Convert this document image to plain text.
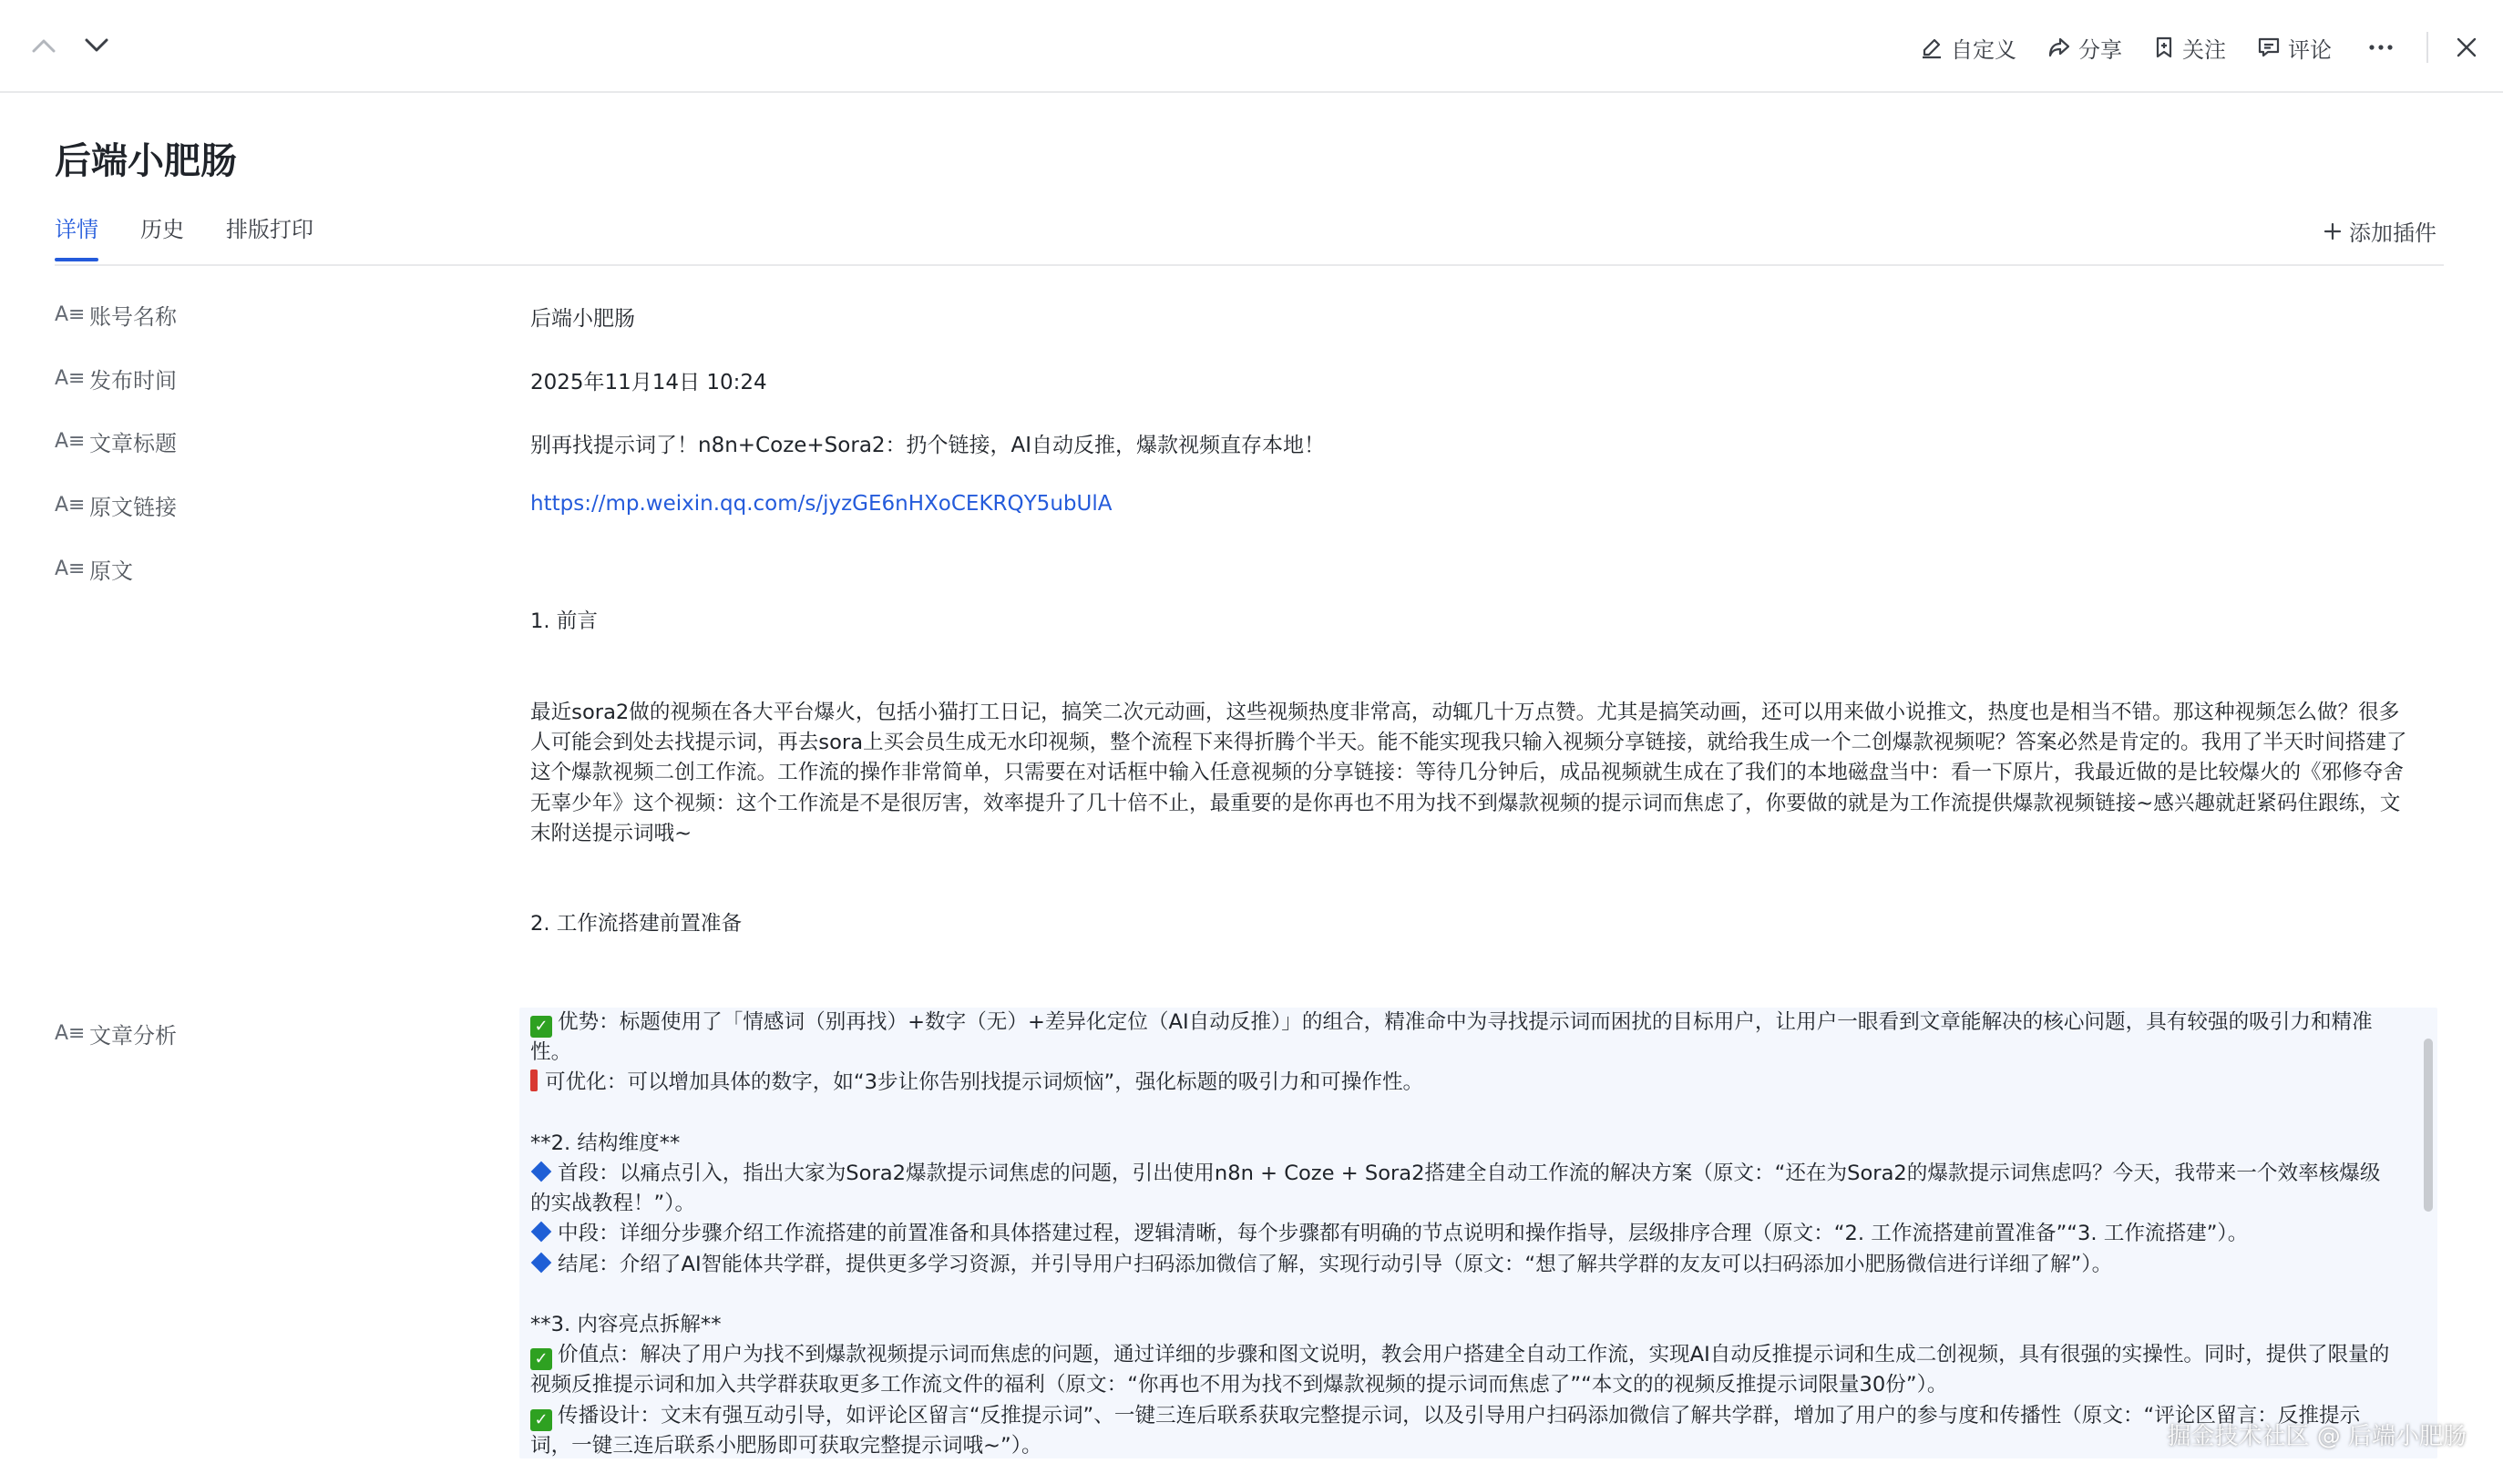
自定义	分享	关注	评论
后端小肥肠
详情 历史 排版打印	添加插件
A≡ 账号名称	后端小肥肠
A≡ 发布时间	2025年11月14日 10:24
A≡ 文章标题	别再找提示词了！n8n+Coze+Sora2：扔个链接，AI自动反推，爆款视频直存本地！
A≡ 原文链接	https://mp.weixin.qq.com/s/jyzGE6nHXoCEKRQY5ubUlA
A≡ 原文

1. 前言

最近sora2做的视频在各大平台爆火，包括小猫打工日记，搞笑二次元动画，这些视频热度非常高，动辄几十万点赞。尤其是搞笑动画，还可以用来做小说推文，热度也是相当不错。那这种视频怎么做？很多人可能会到处去找提示词，再去sora上买会员生成无水印视频，整个流程下来得折腾个半天。能不能实现我只输入视频分享链接，就给我生成一个二创爆款视频呢？答案必然是肯定的。我用了半天时间搭建了这个爆款视频二创工作流。工作流的操作非常简单，只需要在对话框中输入任意视频的分享链接：等待几分钟后，成品视频就生成在了我们的本地磁盘当中：看一下原片，我最近做的是比较爆火的《邪修夺舍无辜少年》这个视频：这个工作流是不是很厉害，效率提升了几十倍不止，最重要的是你再也不用为找不到爆款视频的提示词而焦虑了，你要做的就是为工作流提供爆款视频链接~感兴趣就赶紧码住跟练，文末附送提示词哦~

2. 工作流搭建前置准备

A≡ 文章分析	✓ 优势：标题使用了「情感词（别再找）+数字（无）+差异化定位（AI自动反推）」的组合，精准命中为寻找提示词而困扰的目标用户，让用户一眼看到文章能解决的核心问题，具有较强的吸引力和精准性。

可优化：可以增加具体的数字，如“3步让你告别找提示词烦恼”，强化标题的吸引力和可操作性。

**2. 结构维度**

首段：以痛点引入，指出大家为Sora2爆款提示词焦虑的问题，引出使用n8n + Coze + Sora2搭建全自动工作流的解决方案（原文：“还在为Sora2的爆款提示词焦虑吗？今天，我带来一个效率核爆级的实战教程！”）。

中段：详细分步骤介绍工作流搭建的前置准备和具体搭建过程，逻辑清晰，每个步骤都有明确的节点说明和操作指导，层级排序合理（原文：“2. 工作流搭建前置准备”“3. 工作流搭建”）。

结尾：介绍了AI智能体共学群，提供更多学习资源，并引导用户扫码添加微信了解，实现行动引导（原文：“想了解共学群的友友可以扫码添加小肥肠微信进行详细了解”）。

**3. 内容亮点拆解**

✓ 价值点：解决了用户为找不到爆款视频提示词而焦虑的问题，通过详细的步骤和图文说明，教会用户搭建全自动工作流，实现AI自动反推提示词和生成二创视频，具有很强的实操性。同时，提供了限量的视频反推提示词和加入共学群获取更多工作流文件的福利（原文：“你再也不用为找不到爆款视频的提示词而焦虑了”“本文的的视频反推提示词限量30份”）。

✓ 传播设计：文末有强互动引导，如评论区留言“反推提示词”、一键三连后联系获取完整提示词，以及引导用户扫码添加微信了解共学群，增加了用户的参与度和传播性（原文：“评论区留言：反推提示词，一键三连后联系小肥肠即可获取完整提示词哦~”）。	掘金技术社区 @ 后端小肥肠
